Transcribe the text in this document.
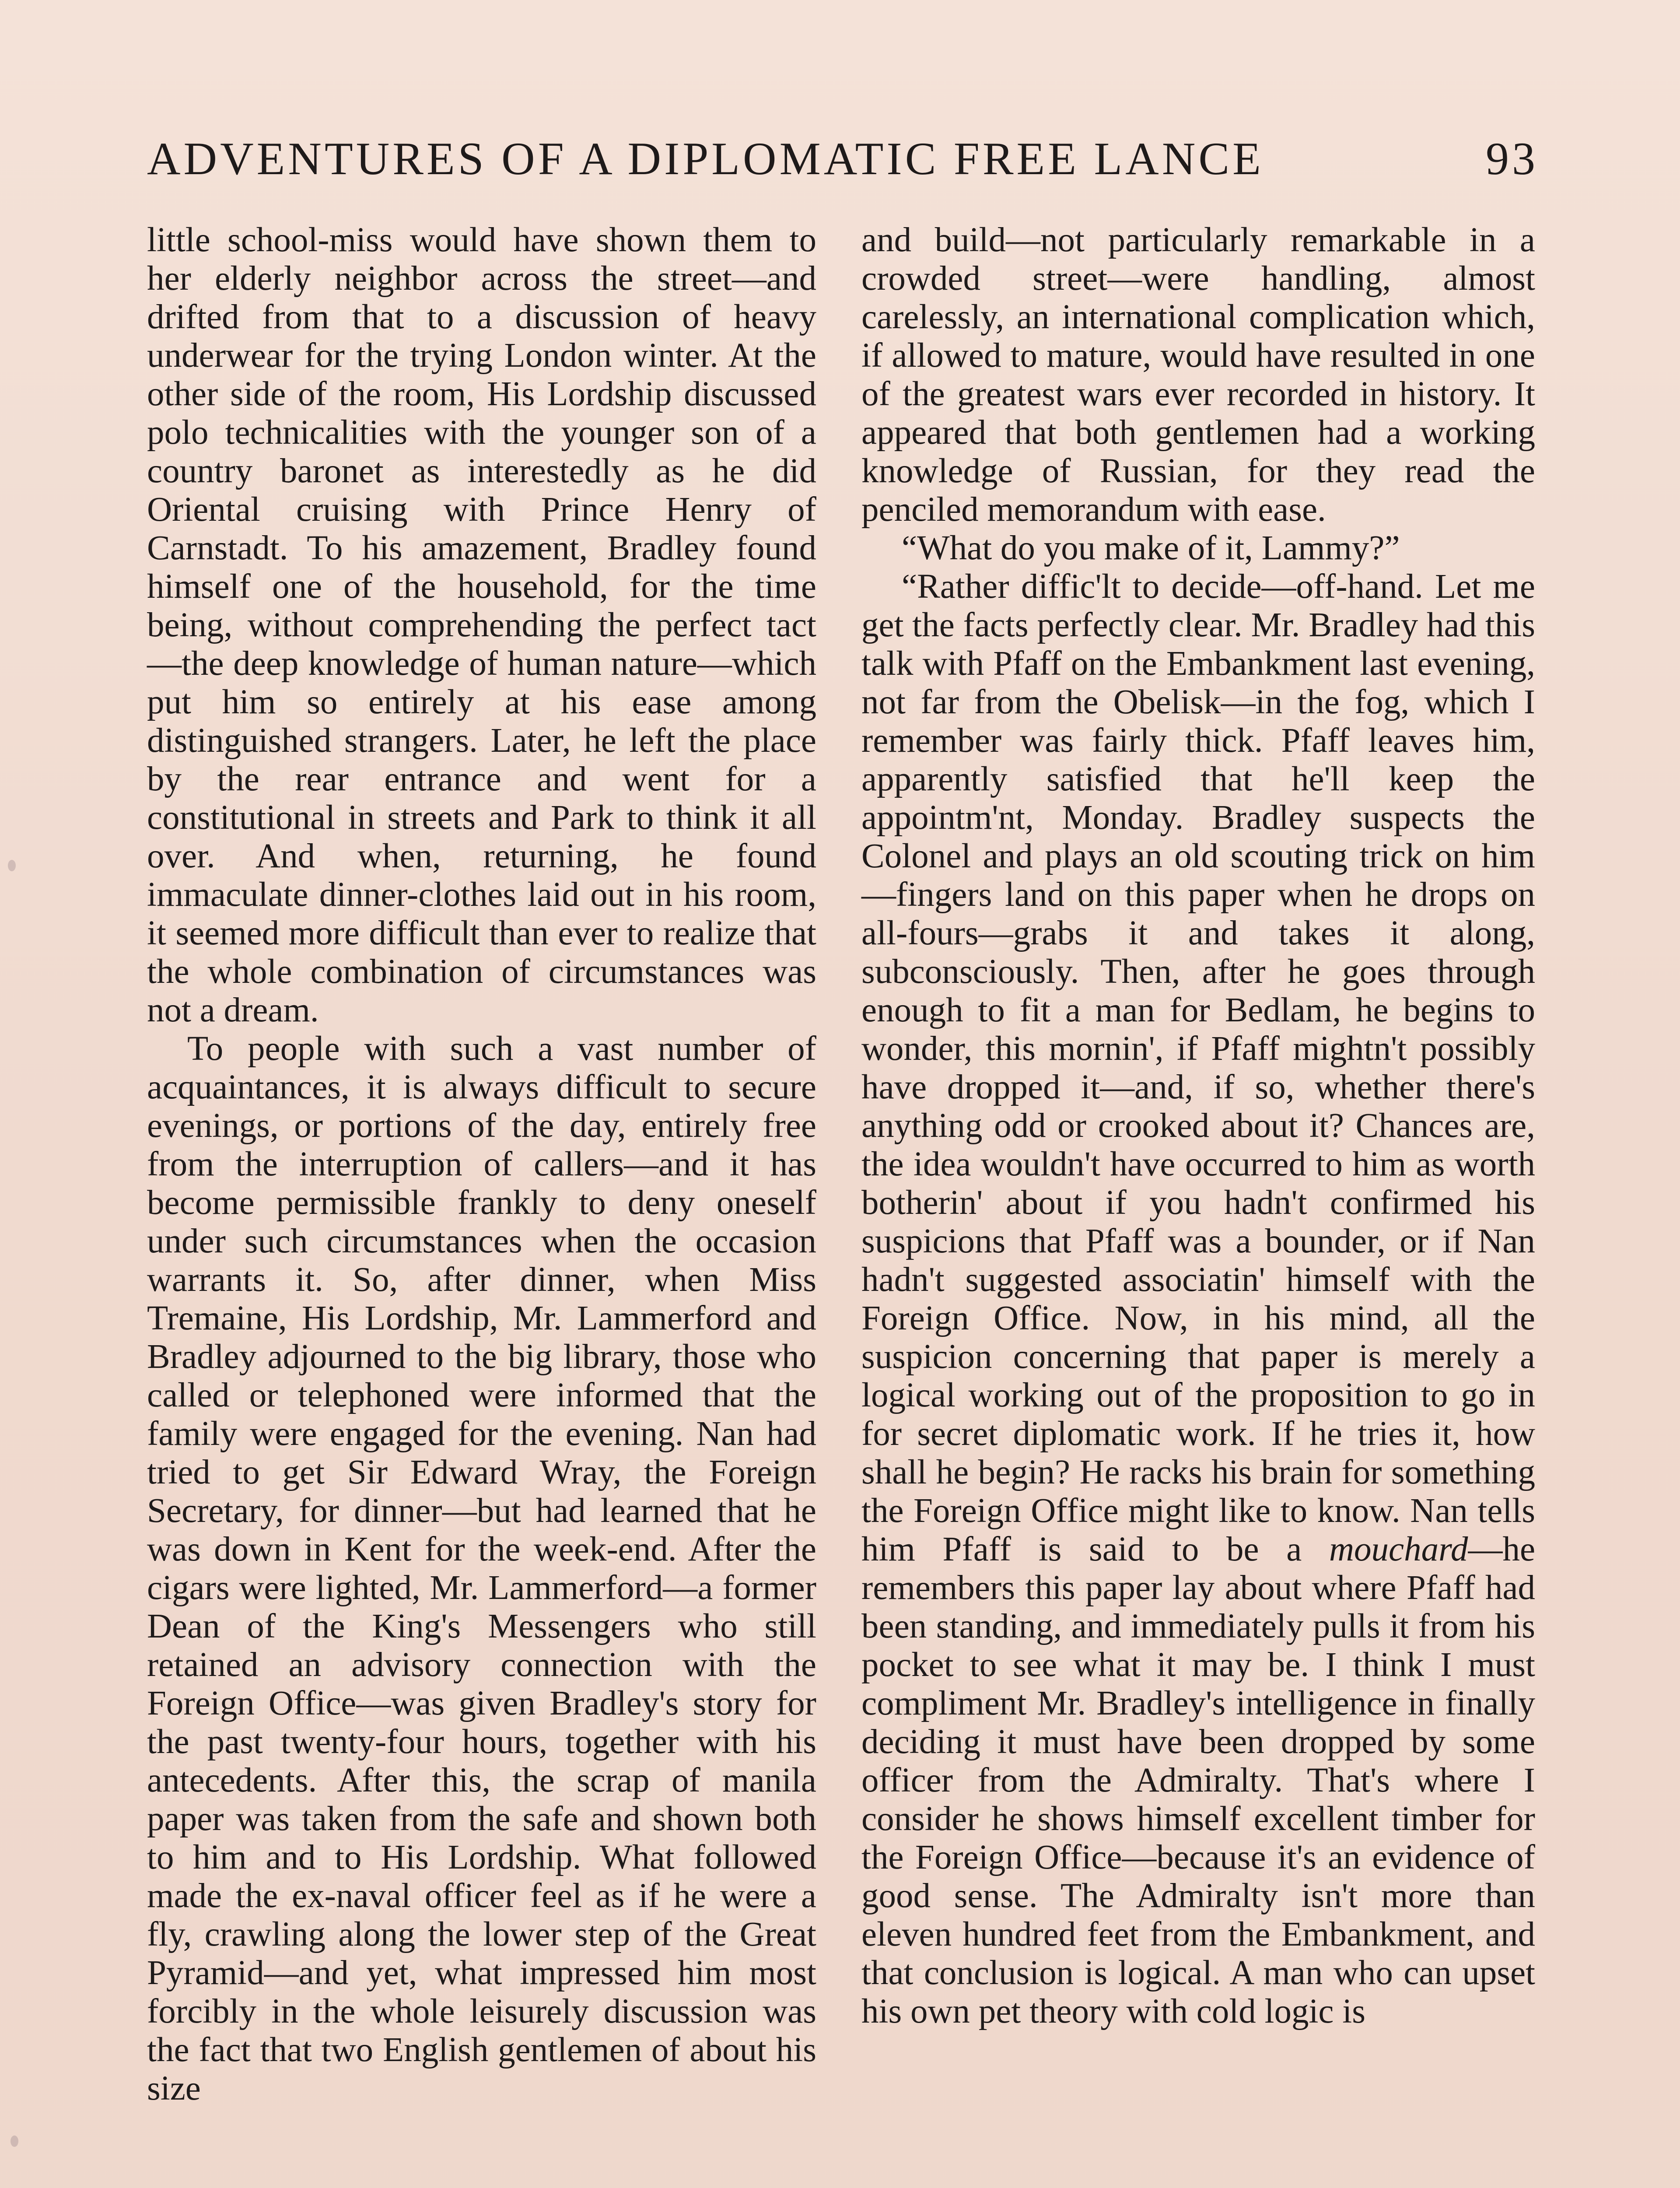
ADVENTURES OF A DIPLOMATIC FREE LANCE	93

little school-miss would have shown them to her elderly neighbor across the street—and drifted from that to a discussion of heavy underwear for the trying London winter. At the other side of the room, His Lordship discussed polo technicalities with the younger son of a country baronet as interestedly as he did Oriental cruising with Prince Henry of Carnstadt. To his amazement, Bradley found himself one of the household, for the time being, without comprehending the perfect tact—the deep knowledge of human nature—which put him so entirely at his ease among distinguished strangers. Later, he left the place by the rear entrance and went for a constitutional in streets and Park to think it all over. And when, returning, he found immaculate dinner-clothes laid out in his room, it seemed more difficult than ever to realize that the whole combination of circumstances was not a dream.

To people with such a vast number of acquaintances, it is always difficult to secure evenings, or portions of the day, entirely free from the interruption of callers—and it has become permissible frankly to deny oneself under such circumstances when the occasion warrants it. So, after dinner, when Miss Tremaine, His Lordship, Mr. Lammerford and Bradley adjourned to the big library, those who called or telephoned were informed that the family were engaged for the evening. Nan had tried to get Sir Edward Wray, the Foreign Secretary, for dinner—but had learned that he was down in Kent for the week-end. After the cigars were lighted, Mr. Lammerford—a former Dean of the King's Messengers who still retained an advisory connection with the Foreign Office—was given Bradley's story for the past twenty-four hours, together with his antecedents. After this, the scrap of manila paper was taken from the safe and shown both to him and to His Lordship. What followed made the ex-naval officer feel as if he were a fly, crawling along the lower step of the Great Pyramid—and yet, what impressed him most forcibly in the whole leisurely discussion was the fact that two English gentlemen of about his size

and build—not particularly remarkable in a crowded street—were handling, almost carelessly, an international complication which, if allowed to mature, would have resulted in one of the greatest wars ever recorded in history. It appeared that both gentlemen had a working knowledge of Russian, for they read the penciled memorandum with ease.

“What do you make of it, Lammy?”

“Rather diffic'lt to decide—off-hand. Let me get the facts perfectly clear. Mr. Bradley had this talk with Pfaff on the Embankment last evening, not far from the Obelisk—in the fog, which I remember was fairly thick. Pfaff leaves him, apparently satisfied that he'll keep the appointm'nt, Monday. Bradley suspects the Colonel and plays an old scouting trick on him—fingers land on this paper when he drops on all-fours—grabs it and takes it along, subconsciously. Then, after he goes through enough to fit a man for Bedlam, he begins to wonder, this mornin', if Pfaff mightn't possibly have dropped it—and, if so, whether there's anything odd or crooked about it? Chances are, the idea wouldn't have occurred to him as worth botherin' about if you hadn't confirmed his suspicions that Pfaff was a bounder, or if Nan hadn't suggested associatin' himself with the Foreign Office. Now, in his mind, all the suspicion concerning that paper is merely a logical working out of the proposition to go in for secret diplomatic work. If he tries it, how shall he begin? He racks his brain for something the Foreign Office might like to know. Nan tells him Pfaff is said to be a mouchard—he remembers this paper lay about where Pfaff had been standing, and immediately pulls it from his pocket to see what it may be. I think I must compliment Mr. Bradley's intelligence in finally deciding it must have been dropped by some officer from the Admiralty. That's where I consider he shows himself excellent timber for the Foreign Office—because it's an evidence of good sense. The Admiralty isn't more than eleven hundred feet from the Embankment, and that conclusion is logical. A man who can upset his own pet theory with cold logic is
